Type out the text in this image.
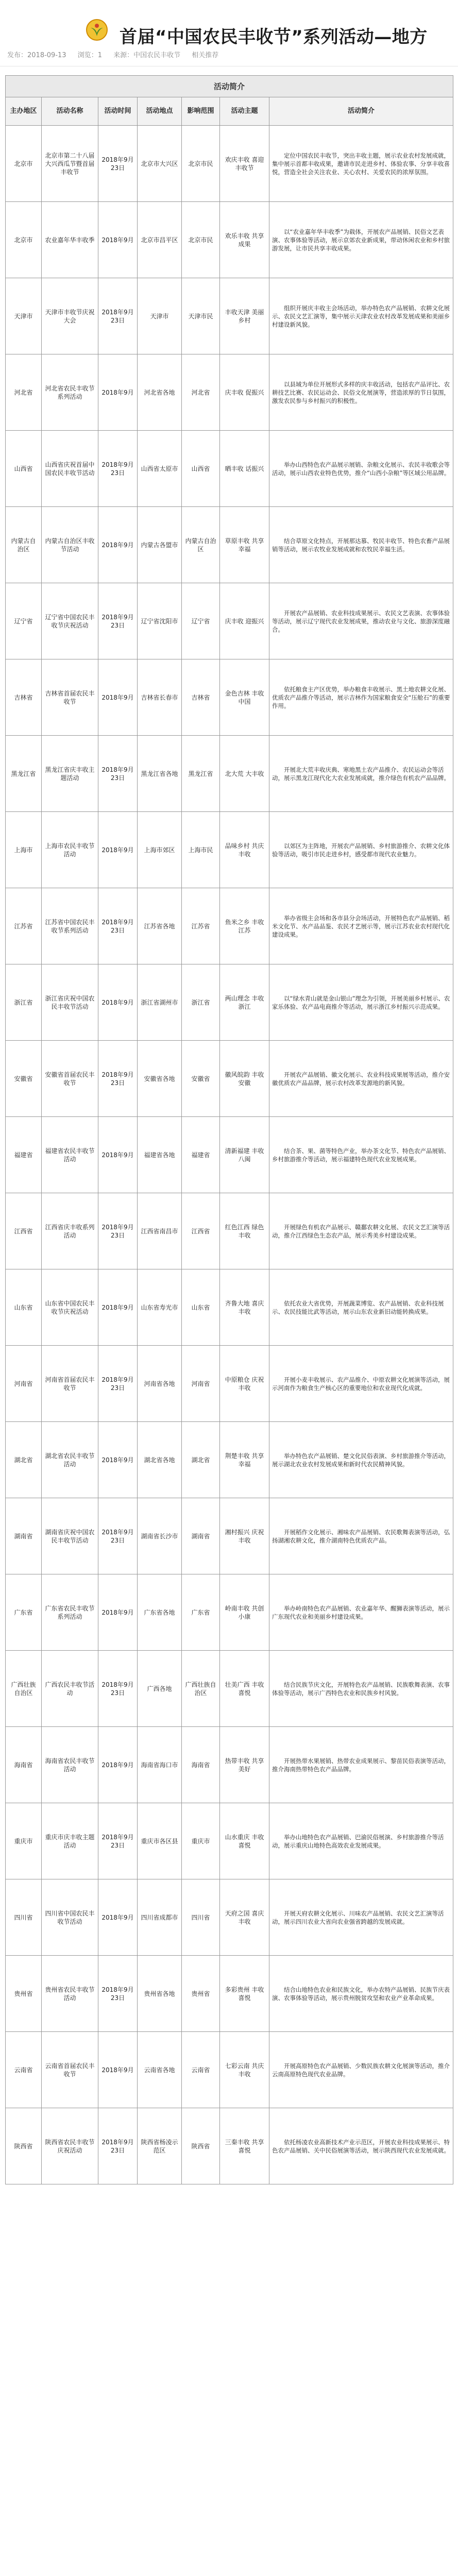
首届“中国农民丰收节”系列活动—地方
发布：2018-09-13 浏览：1 来源：中国农民丰收节 相关推荐
活动简介
主办地区	活动名称	活动时间	活动地点	影响范围	活动主题	活动简介
北京市	北京市第二十八届大兴西瓜节暨首届丰收节	2018年9月23日	北京市大兴区	北京市民	欢庆丰收 喜迎丰收节	定位中国农民丰收节，突出丰收主题，展示农业农村发展成就，集中展示首都丰收成果，邀请市民走进乡村、体验农事、分享丰收喜悦，营造全社会关注农业、关心农村、关爱农民的浓厚氛围。

北京市	农业嘉年华丰收季	2018年9月	北京市昌平区	北京市民	欢乐丰收 共享成果	以“农业嘉年华丰收季”为载体，开展农产品展销、民俗文艺表演、农事体验等活动，展示京郊农业新成果，带动休闲农业和乡村旅游发展，让市民共享丰收成果。

天津市	天津市丰收节庆祝大会	2018年9月23日	天津市	天津市民	丰收天津 美丽乡村	组织开展庆丰收主会场活动，举办特色农产品展销、农耕文化展示、农民文艺汇演等，集中展示天津农业农村改革发展成果和美丽乡村建设新风貌。

河北省	河北省农民丰收节系列活动	2018年9月	河北省各地	河北省	庆丰收 促振兴	以县域为单位开展形式多样的庆丰收活动，包括农产品评比、农耕技艺比赛、农民运动会、民俗文化展演等，营造浓厚的节日氛围，激发农民参与乡村振兴的积极性。

山西省	山西省庆祝首届中国农民丰收节活动	2018年9月23日	山西省太原市	山西省	晒丰收 话振兴	举办山西特色农产品展示展销、杂粮文化展示、农民丰收歌会等活动，展示山西农业特色优势，推介“山西小杂粮”等区域公用品牌。

内蒙古自治区	内蒙古自治区丰收节活动	2018年9月	内蒙古各盟市	内蒙古自治区	草原丰收 共享幸福	结合草原文化特点，开展那达慕、牧民丰收节、特色农畜产品展销等活动，展示农牧业发展成就和农牧民幸福生活。

辽宁省	辽宁省中国农民丰收节庆祝活动	2018年9月23日	辽宁省沈阳市	辽宁省	庆丰收 迎振兴	开展农产品展销、农业科技成果展示、农民文艺表演、农事体验等活动，展示辽宁现代农业发展成果，推动农业与文化、旅游深度融合。

吉林省	吉林省首届农民丰收节	2018年9月	吉林省长春市	吉林省	金色吉林 丰收中国	依托粮食主产区优势，举办粮食丰收展示、黑土地农耕文化展、优质农产品推介等活动，展示吉林作为国家粮食安全“压舱石”的重要作用。

黑龙江省	黑龙江省庆丰收主题活动	2018年9月23日	黑龙江省各地	黑龙江省	北大荒 大丰收	开展北大荒丰收庆典、寒地黑土农产品推介、农民运动会等活动，展示黑龙江现代化大农业发展成就，推介绿色有机农产品品牌。

上海市	上海市农民丰收节活动	2018年9月	上海市郊区	上海市民	品味乡村 共庆丰收	以郊区为主阵地，开展农产品展销、乡村旅游推介、农耕文化体验等活动，吸引市民走进乡村，感受都市现代农业魅力。

江苏省	江苏省中国农民丰收节系列活动	2018年9月23日	江苏省各地	江苏省	鱼米之乡 丰收江苏	举办省级主会场和各市县分会场活动，开展特色农产品展销、稻米文化节、水产品品鉴、农民才艺展示等，展示江苏农业农村现代化建设成果。

浙江省	浙江省庆祝中国农民丰收节活动	2018年9月	浙江省湖州市	浙江省	两山理念 丰收浙江	以“绿水青山就是金山银山”理念为引领，开展美丽乡村展示、农家乐体验、农产品电商推介等活动，展示浙江乡村振兴示范成果。

安徽省	安徽省首届农民丰收节	2018年9月23日	安徽省各地	安徽省	徽风皖韵 丰收安徽	开展农产品展销、徽文化展示、农业科技成果展等活动，推介安徽优质农产品品牌，展示农村改革发源地的新风貌。

福建省	福建省农民丰收节活动	2018年9月	福建省各地	福建省	清新福建 丰收八闽	结合茶、果、菌等特色产业，举办茶文化节、特色农产品展销、乡村旅游推介等活动，展示福建特色现代农业发展成果。

江西省	江西省庆丰收系列活动	2018年9月23日	江西省南昌市	江西省	红色江西 绿色丰收	开展绿色有机农产品展示、赣鄱农耕文化展、农民文艺汇演等活动，推介江西绿色生态农产品，展示秀美乡村建设成果。

山东省	山东省中国农民丰收节庆祝活动	2018年9月	山东省寿光市	山东省	齐鲁大地 喜庆丰收	依托农业大省优势，开展蔬菜博览、农产品展销、农业科技展示、农民技能比武等活动，展示山东农业新旧动能转换成果。

河南省	河南省首届农民丰收节	2018年9月23日	河南省各地	河南省	中原粮仓 庆祝丰收	开展小麦丰收展示、农产品推介、中原农耕文化展演等活动，展示河南作为粮食生产核心区的重要地位和农业现代化成就。

湖北省	湖北省农民丰收节活动	2018年9月	湖北省各地	湖北省	荆楚丰收 共享幸福	举办特色农产品展销、楚文化民俗表演、乡村旅游推介等活动，展示湖北农业农村发展成果和新时代农民精神风貌。

湖南省	湖南省庆祝中国农民丰收节活动	2018年9月23日	湖南省长沙市	湖南省	湘村振兴 庆祝丰收	开展稻作文化展示、湘味农产品展销、农民歌舞表演等活动，弘扬湖湘农耕文化，推介湖南特色优质农产品。

广东省	广东省农民丰收节系列活动	2018年9月	广东省各地	广东省	岭南丰收 共创小康	举办岭南特色农产品展销、农业嘉年华、醒狮表演等活动，展示广东现代农业和美丽乡村建设成果。

广西壮族自治区	广西农民丰收节活动	2018年9月23日	广西各地	广西壮族自治区	壮美广西 丰收喜悦	结合民族节庆文化，开展特色农产品展销、民族歌舞表演、农事体验等活动，展示广西特色农业和民族乡村风貌。

海南省	海南省农民丰收节活动	2018年9月	海南省海口市	海南省	热带丰收 共享美好	开展热带水果展销、热带农业成果展示、黎苗民俗表演等活动，推介海南热带特色农产品品牌。

重庆市	重庆市庆丰收主题活动	2018年9月23日	重庆市各区县	重庆市	山水重庆 丰收喜悦	举办山地特色农产品展销、巴渝民俗展演、乡村旅游推介等活动，展示重庆山地特色高效农业发展成果。

四川省	四川省中国农民丰收节活动	2018年9月	四川省成都市	四川省	天府之国 喜庆丰收	开展天府农耕文化展示、川味农产品展销、农民文艺汇演等活动，展示四川农业大省向农业强省跨越的发展成就。

贵州省	贵州省农民丰收节活动	2018年9月23日	贵州省各地	贵州省	多彩贵州 丰收喜悦	结合山地特色农业和民族文化，举办农特产品展销、民族节庆表演、农事体验等活动，展示贵州脱贫攻坚和农业产业革命成果。

云南省	云南省首届农民丰收节	2018年9月	云南省各地	云南省	七彩云南 共庆丰收	开展高原特色农产品展销、少数民族农耕文化展演等活动，推介云南高原特色现代农业品牌。

陕西省	陕西省农民丰收节庆祝活动	2018年9月23日	陕西省杨凌示范区	陕西省	三秦丰收 共享喜悦	依托杨凌农业高新技术产业示范区，开展农业科技成果展示、特色农产品展销、关中民俗展演等活动，展示陕西现代农业发展成就。
